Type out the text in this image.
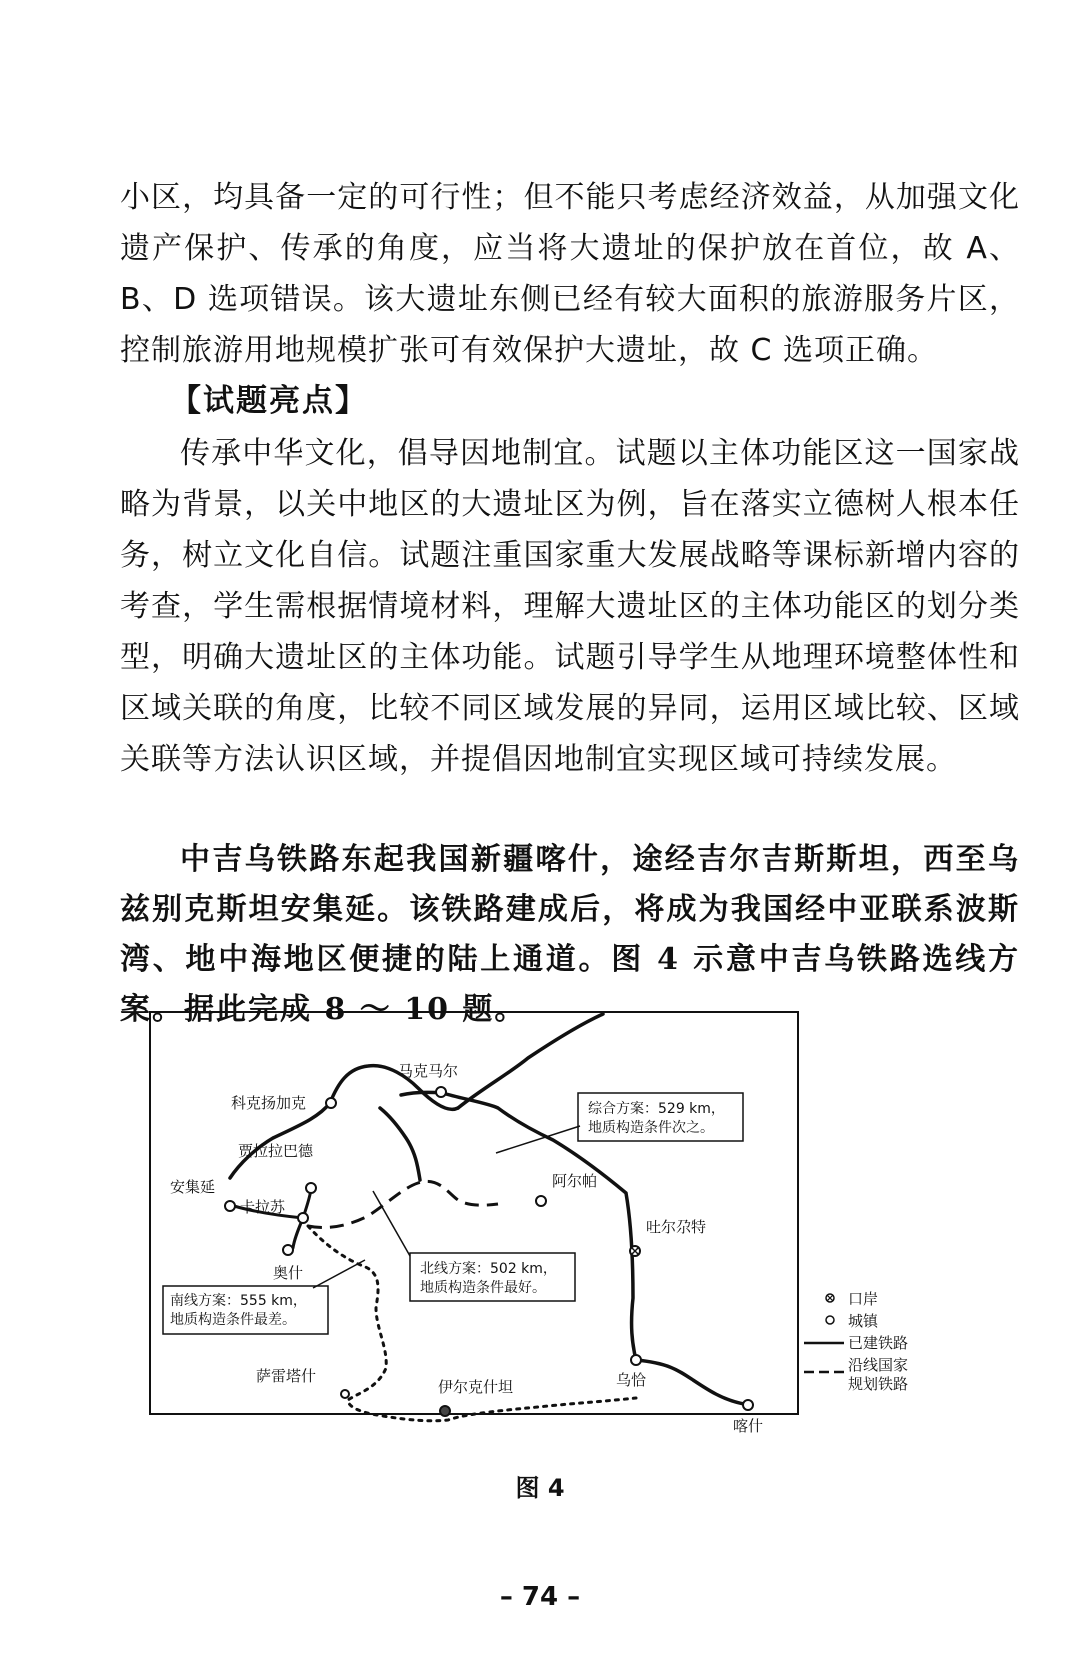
小区，均具备一定的可行性；但不能只考虑经济效益，从加强文化遗产保护、传承的角度，应当将大遗址的保护放在首位，故 A、B、D 选项错误。该大遗址东侧已经有较大面积的旅游服务片区，控制旅游用地规模扩张可有效保护大遗址，故 C 选项正确。

【试题亮点】

传承中华文化，倡导因地制宜。试题以主体功能区这一国家战略为背景，以关中地区的大遗址区为例，旨在落实立德树人根本任务，树立文化自信。试题注重国家重大发展战略等课标新增内容的考查，学生需根据情境材料，理解大遗址区的主体功能区的划分类型，明确大遗址区的主体功能。试题引导学生从地理环境整体性和区域关联的角度，比较不同区域发展的异同，运用区域比较、区域关联等方法认识区域，并提倡因地制宜实现区域可持续发展。

中吉乌铁路东起我国新疆喀什，途经吉尔吉斯斯坦，西至乌兹别克斯坦安集延。该铁路建成后，将成为我国经中亚联系波斯湾、地中海地区便捷的陆上通道。图 4 示意中吉乌铁路选线方案。据此完成 8 ～ 10 题。

马克马尔
科克扬加克
贾拉拉巴德
安集延
卡拉苏
奥什
阿尔帕
吐尔尕特
萨雷塔什
伊尔克什坦	乌恰
喀什
综合方案：529 km，
地质构造条件次之。
北线方案：502 km，
地质构造条件最好。
南线方案：555 km，
地质构造条件最差。
口岸
城镇
已建铁路
沿线国家
规划铁路

图 4

– 74 –
